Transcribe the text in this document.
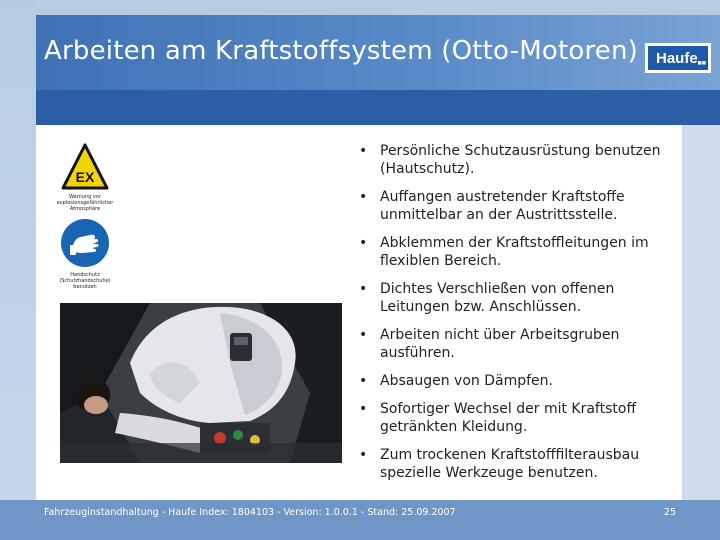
Arbeiten am Kraftstoffsystem (Otto-Motoren) Haufe ■■
EX
Warnung vor explosionsgefährlicher Atmosphäre
Handschutz (Schutzhandschuhe) benutzen
• Persönliche Schutzausrüstung benutzen (Hautschutz).
• Auffangen austretender Kraftstoffe unmittelbar an der Austrittsstelle.
• Abklemmen der Kraftstoffleitungen im flexiblen Bereich.
• Dichtes Verschließen von offenen Leitungen bzw. Anschlüssen.
• Arbeiten nicht über Arbeitsgruben ausführen.
• Absaugen von Dämpfen.
• Sofortiger Wechsel der mit Kraftstoff getränkten Kleidung.
• Zum trockenen Kraftstofffilterausbau spezielle Werkzeuge benutzen.
Fahrzeuginstandhaltung - Haufe Index: 1804103 - Version: 1.0.0.1 - Stand: 25.09.2007	25
